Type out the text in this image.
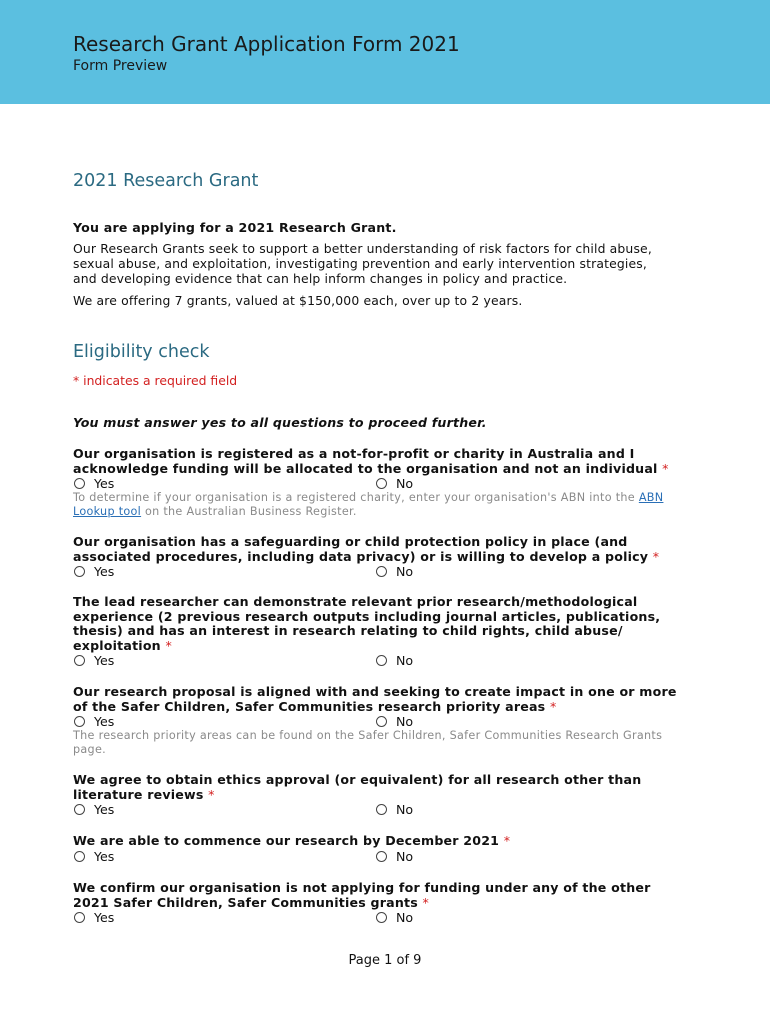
Research Grant Application Form 2021
Form Preview
2021 Research Grant
You are applying for a 2021 Research Grant.
Our Research Grants seek to support a better understanding of risk factors for child abuse, sexual abuse, and exploitation, investigating prevention and early intervention strategies, and developing evidence that can help inform changes in policy and practice.
We are offering 7 grants, valued at $150,000 each, over up to 2 years.
Eligibility check
* indicates a required field
You must answer yes to all questions to proceed further.
Our organisation is registered as a not-for-profit or charity in Australia and I acknowledge funding will be allocated to the organisation and not an individual *
Yes	No
To determine if your organisation is a registered charity, enter your organisation's ABN into the ABN Lookup tool on the Australian Business Register.
Our organisation has a safeguarding or child protection policy in place (and associated procedures, including data privacy) or is willing to develop a policy *
Yes	No
The lead researcher can demonstrate relevant prior research/methodological experience (2 previous research outputs including journal articles, publications, thesis) and has an interest in research relating to child rights, child abuse/ exploitation *
Yes	No
Our research proposal is aligned with and seeking to create impact in one or more of the Safer Children, Safer Communities research priority areas *
Yes	No
The research priority areas can be found on the Safer Children, Safer Communities Research Grants page.
We agree to obtain ethics approval (or equivalent) for all research other than literature reviews *
Yes	No
We are able to commence our research by December 2021 *
Yes	No
We confirm our organisation is not applying for funding under any of the other 2021 Safer Children, Safer Communities grants *
Yes	No
Page 1 of 9
